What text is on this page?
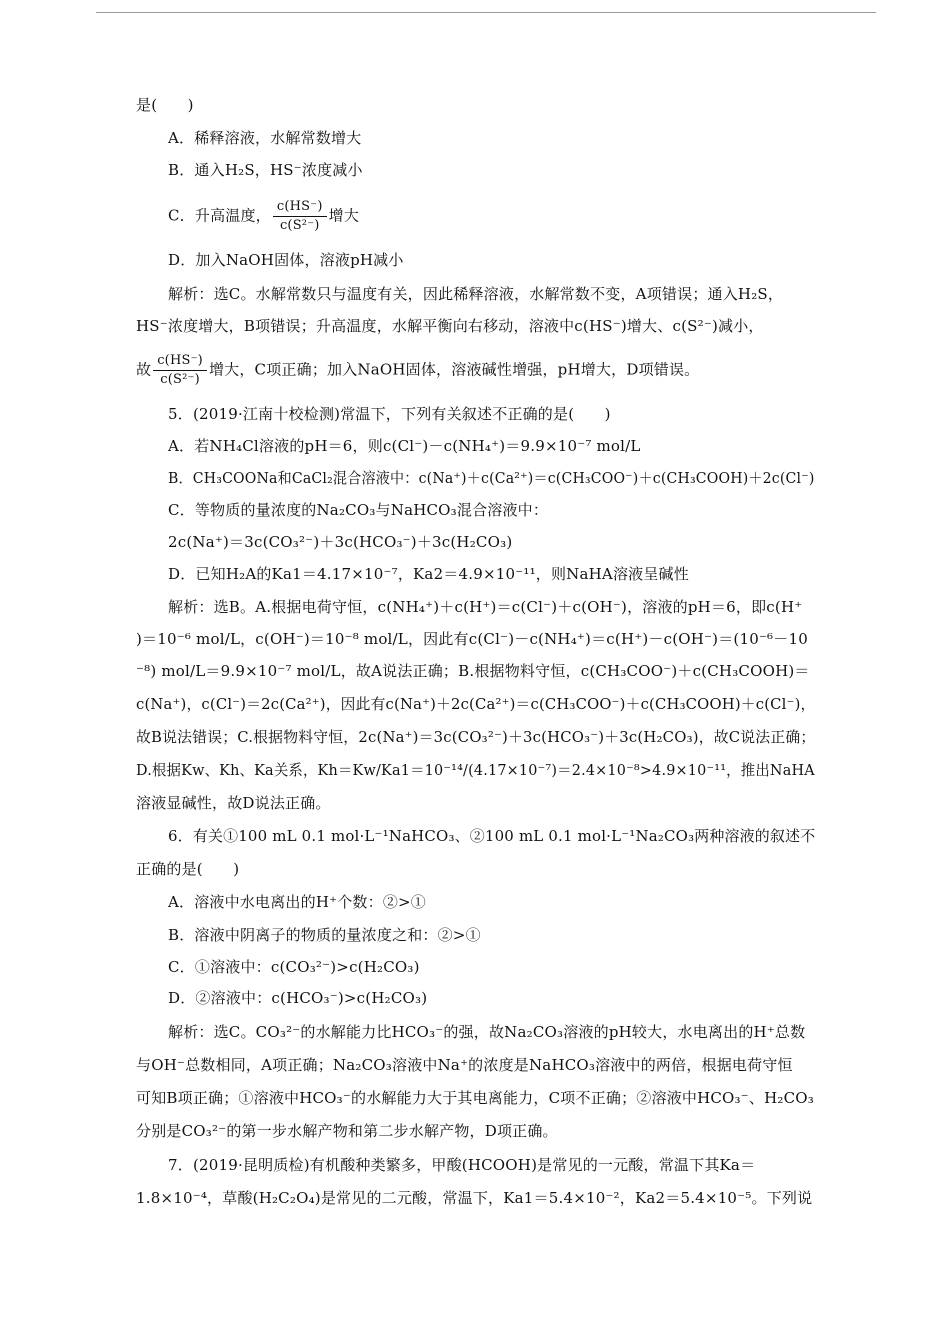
是(　　)
A．稀释溶液，水解常数增大
B．通入H₂S，HS⁻浓度减小
C．升高温度， $\frac{c(HS^-)}{\text{c(S²⁻)}}$ 增大
D．加入NaOH固体，溶液pH减小
解析：选C。水解常数只与温度有关，因此稀释溶液，水解常数不变，A项错误；通入H₂S，
HS⁻浓度增大，B项错误；升高温度，水解平衡向右移动，溶液中c(HS⁻)增大、c(S²⁻)减小，
故 $\frac{c(HS^-)}{\text{c(S²⁻)}}$ 增大，C项正确；加入NaOH固体，溶液碱性增强，pH增大，D项错误。
5．(2019·江南十校检测)常温下，下列有关叙述不正确的是(　　)
A．若NH₄Cl溶液的pH＝6，则c(Cl⁻)－c(NH₄⁺)＝9.9×10⁻⁷ mol/L
B．CH₃COONa和CaCl₂混合溶液中：c(Na⁺)＋c(Ca²⁺)＝c(CH₃COO⁻)＋c(CH₃COOH)＋2c(Cl⁻)
C．等物质的量浓度的Na₂CO₃与NaHCO₃混合溶液中：
2c(Na⁺)＝3c(CO₃²⁻)＋3c(HCO₃⁻)＋3c(H₂CO₃)
D．已知H₂A的Ka1＝4.17×10⁻⁷，Ka2＝4.9×10⁻¹¹，则NaHA溶液呈碱性
解析：选B。A.根据电荷守恒，c(NH₄⁺)＋c(H⁺)＝c(Cl⁻)＋c(OH⁻)，溶液的pH＝6，即c(H⁺
)＝10⁻⁶ mol/L，c(OH⁻)＝10⁻⁸ mol/L，因此有c(Cl⁻)－c(NH₄⁺)＝c(H⁺)－c(OH⁻)＝(10⁻⁶－10
⁻⁸) mol/L＝9.9×10⁻⁷ mol/L，故A说法正确；B.根据物料守恒，c(CH₃COO⁻)＋c(CH₃COOH)＝
c(Na⁺)，c(Cl⁻)＝2c(Ca²⁺)，因此有c(Na⁺)＋2c(Ca²⁺)＝c(CH₃COO⁻)＋c(CH₃COOH)＋c(Cl⁻)，
故B说法错误；C.根据物料守恒，2c(Na⁺)＝3c(CO₃²⁻)＋3c(HCO₃⁻)＋3c(H₂CO₃)，故C说法正确；
D.根据Kw、Kh、Ka关系，Kh＝Kw/Ka1＝10⁻¹⁴/(4.17×10⁻⁷)＝2.4×10⁻⁸>4.9×10⁻¹¹，推出NaHA
溶液显碱性，故D说法正确。
6．有关①100 mL 0.1 mol·L⁻¹NaHCO₃、②100 mL 0.1 mol·L⁻¹Na₂CO₃两种溶液的叙述不
正确的是(　　)
A．溶液中水电离出的H⁺个数：②>①
B．溶液中阴离子的物质的量浓度之和：②>①
C．①溶液中：c(CO₃²⁻)>c(H₂CO₃)
D．②溶液中：c(HCO₃⁻)>c(H₂CO₃)
解析：选C。CO₃²⁻的水解能力比HCO₃⁻的强，故Na₂CO₃溶液的pH较大，水电离出的H⁺总数
与OH⁻总数相同，A项正确；Na₂CO₃溶液中Na⁺的浓度是NaHCO₃溶液中的两倍，根据电荷守恒
可知B项正确；①溶液中HCO₃⁻的水解能力大于其电离能力，C项不正确；②溶液中HCO₃⁻、H₂CO₃
分别是CO₃²⁻的第一步水解产物和第二步水解产物，D项正确。
7．(2019·昆明质检)有机酸种类繁多，甲酸(HCOOH)是常见的一元酸，常温下其Ka＝
1.8×10⁻⁴，草酸(H₂C₂O₄)是常见的二元酸，常温下，Ka1＝5.4×10⁻²，Ka2＝5.4×10⁻⁵。下列说
